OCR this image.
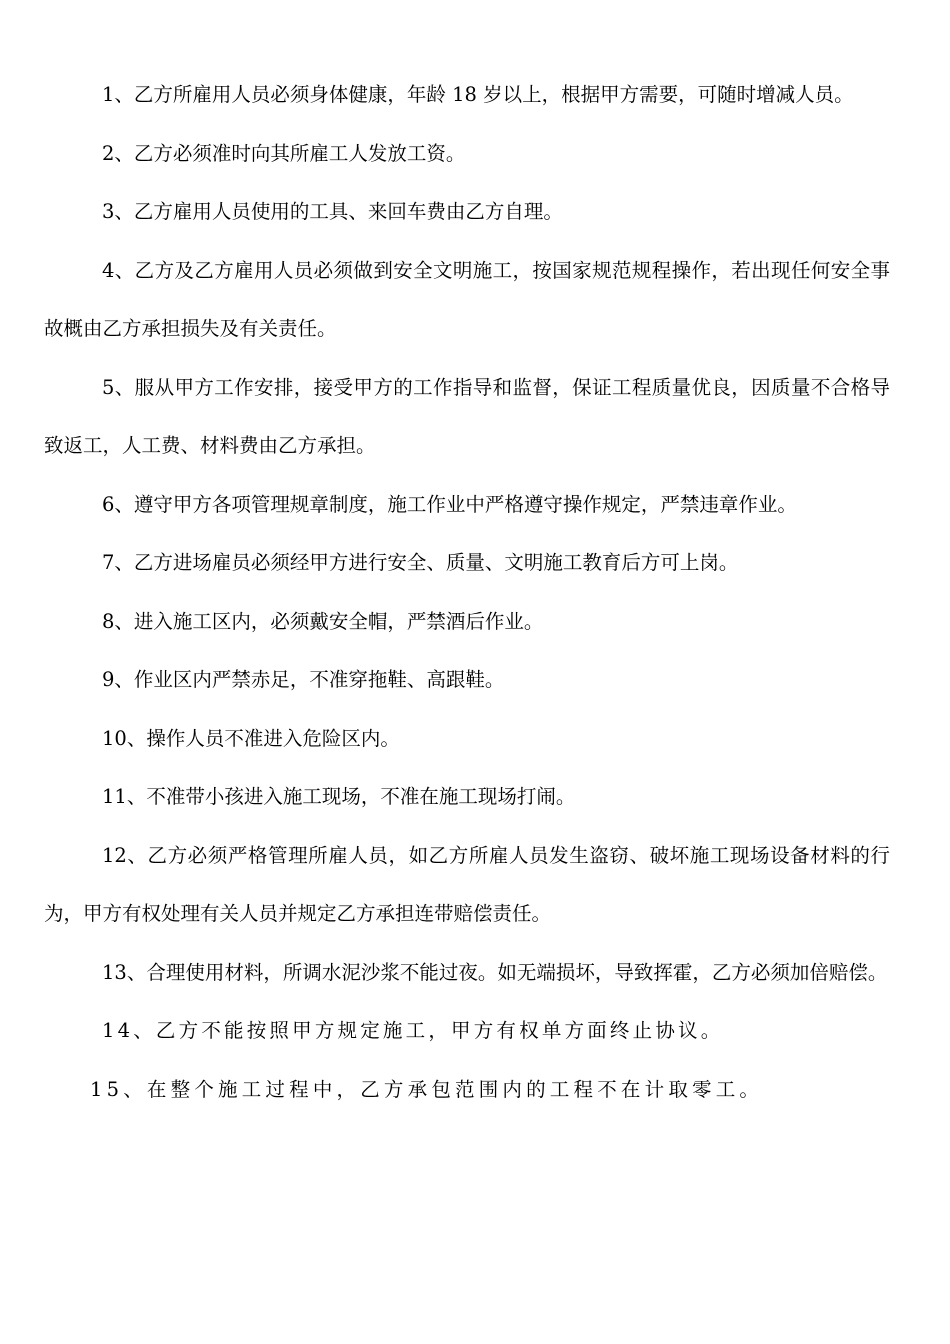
1、乙方所雇用人员必须身体健康，年龄 18 岁以上，根据甲方需要，可随时增减人员。

2、乙方必须准时向其所雇工人发放工资。

3、乙方雇用人员使用的工具、来回车费由乙方自理。

4、乙方及乙方雇用人员必须做到安全文明施工，按国家规范规程操作，若出现任何安全事故概由乙方承担损失及有关责任。

5、服从甲方工作安排，接受甲方的工作指导和监督，保证工程质量优良，因质量不合格导致返工，人工费、材料费由乙方承担。

6、遵守甲方各项管理规章制度，施工作业中严格遵守操作规定，严禁违章作业。

7、乙方进场雇员必须经甲方进行安全、质量、文明施工教育后方可上岗。

8、进入施工区内，必须戴安全帽，严禁酒后作业。

9、作业区内严禁赤足，不准穿拖鞋、高跟鞋。

10、操作人员不准进入危险区内。

11、不准带小孩进入施工现场，不准在施工现场打闹。

12、乙方必须严格管理所雇人员，如乙方所雇人员发生盗窃、破坏施工现场设备材料的行为，甲方有权处理有关人员并规定乙方承担连带赔偿责任。

13、合理使用材料，所调水泥沙浆不能过夜。如无端损坏，导致挥霍，乙方必须加倍赔偿。

14、乙方不能按照甲方规定施工，甲方有权单方面终止协议。

15、在整个施工过程中，乙方承包范围内的工程不在计取零工。
